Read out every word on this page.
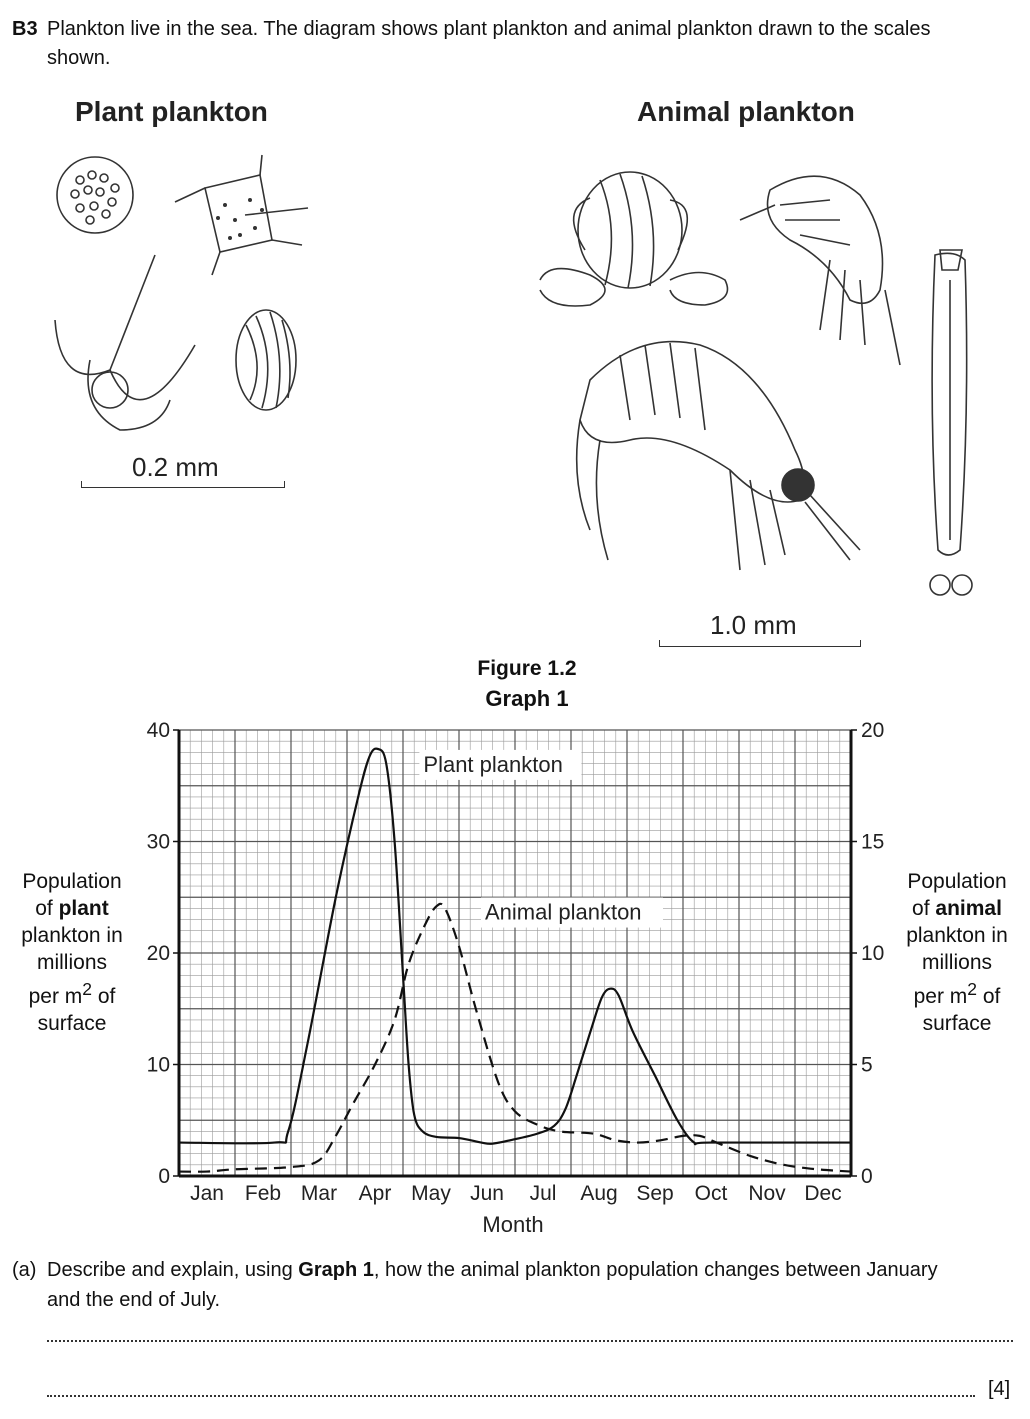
B3 Plankton live in the sea. The diagram shows plant plankton and animal plankton drawn to the scales
shown.
Plant plankton
0.2 mm
Animal plankton
1.0 mm
Figure 1.2
Graph 1
Population
of plant
plankton in
millions
per $m^2$ of
surface
Population
of animal
plankton in
millions
per $m^2$ of
surface
0
10
20
30
40
0
5
10
15
20
Jan Feb Mar Apr May Jun Jul Aug Sep Oct Nov Dec
Plant plankton
Animal plankton
Month
(a) Describe and explain, using Graph 1, how the animal plankton population changes between January
and the end of July.
[4]
